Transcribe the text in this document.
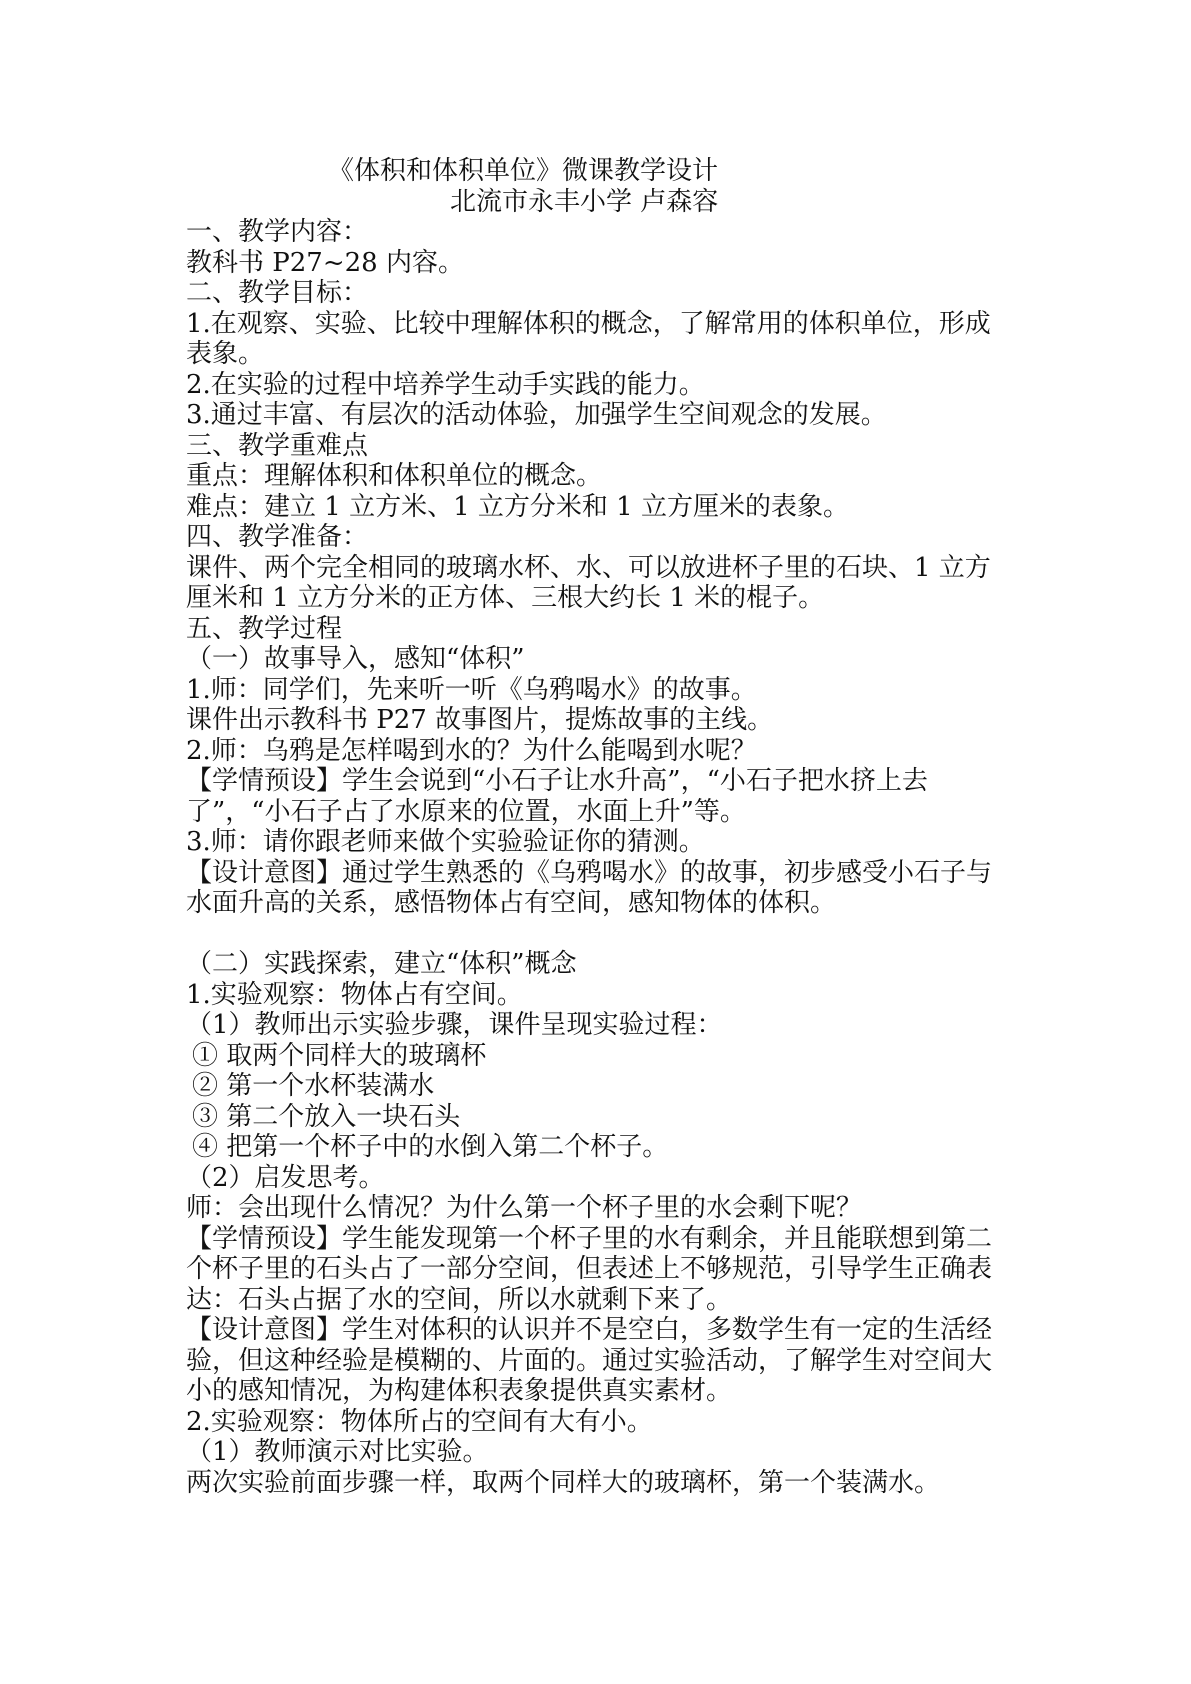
《体积和体积单位》微课教学设计

北流市永丰小学 卢森容

一、教学内容：

教科书 P27~28 内容。

二、教学目标：

1.在观察、实验、比较中理解体积的概念，了解常用的体积单位，形成表象。

2.在实验的过程中培养学生动手实践的能力。

3.通过丰富、有层次的活动体验，加强学生空间观念的发展。

三、教学重难点

重点：理解体积和体积单位的概念。

难点：建立 1 立方米、1 立方分米和 1 立方厘米的表象。

四、教学准备：

课件、两个完全相同的玻璃水杯、水、可以放进杯子里的石块、1 立方厘米和 1 立方分米的正方体、三根大约长 1 米的棍子。

五、教学过程

（一）故事导入，感知“体积”

1.师：同学们，先来听一听《乌鸦喝水》的故事。

课件出示教科书 P27 故事图片，提炼故事的主线。

2.师：乌鸦是怎样喝到水的？为什么能喝到水呢？

【学情预设】学生会说到“小石子让水升高”，“小石子把水挤上去了”，“小石子占了水原来的位置，水面上升”等。

3.师：请你跟老师来做个实验验证你的猜测。

【设计意图】通过学生熟悉的《乌鸦喝水》的故事，初步感受小石子与水面升高的关系，感悟物体占有空间，感知物体的体积。

（二）实践探索，建立“体积”概念

1.实验观察：物体占有空间。

（1）教师出示实验步骤，课件呈现实验过程：

① 取两个同样大的玻璃杯

② 第一个水杯装满水

③ 第二个放入一块石头

④ 把第一个杯子中的水倒入第二个杯子。

（2）启发思考。

师：会出现什么情况？为什么第一个杯子里的水会剩下呢？

【学情预设】学生能发现第一个杯子里的水有剩余，并且能联想到第二个杯子里的石头占了一部分空间，但表述上不够规范，引导学生正确表达：石头占据了水的空间，所以水就剩下来了。

【设计意图】学生对体积的认识并不是空白，多数学生有一定的生活经验，但这种经验是模糊的、片面的。通过实验活动，了解学生对空间大小的感知情况，为构建体积表象提供真实素材。

2.实验观察：物体所占的空间有大有小。

（1）教师演示对比实验。

两次实验前面步骤一样，取两个同样大的玻璃杯，第一个装满水。
